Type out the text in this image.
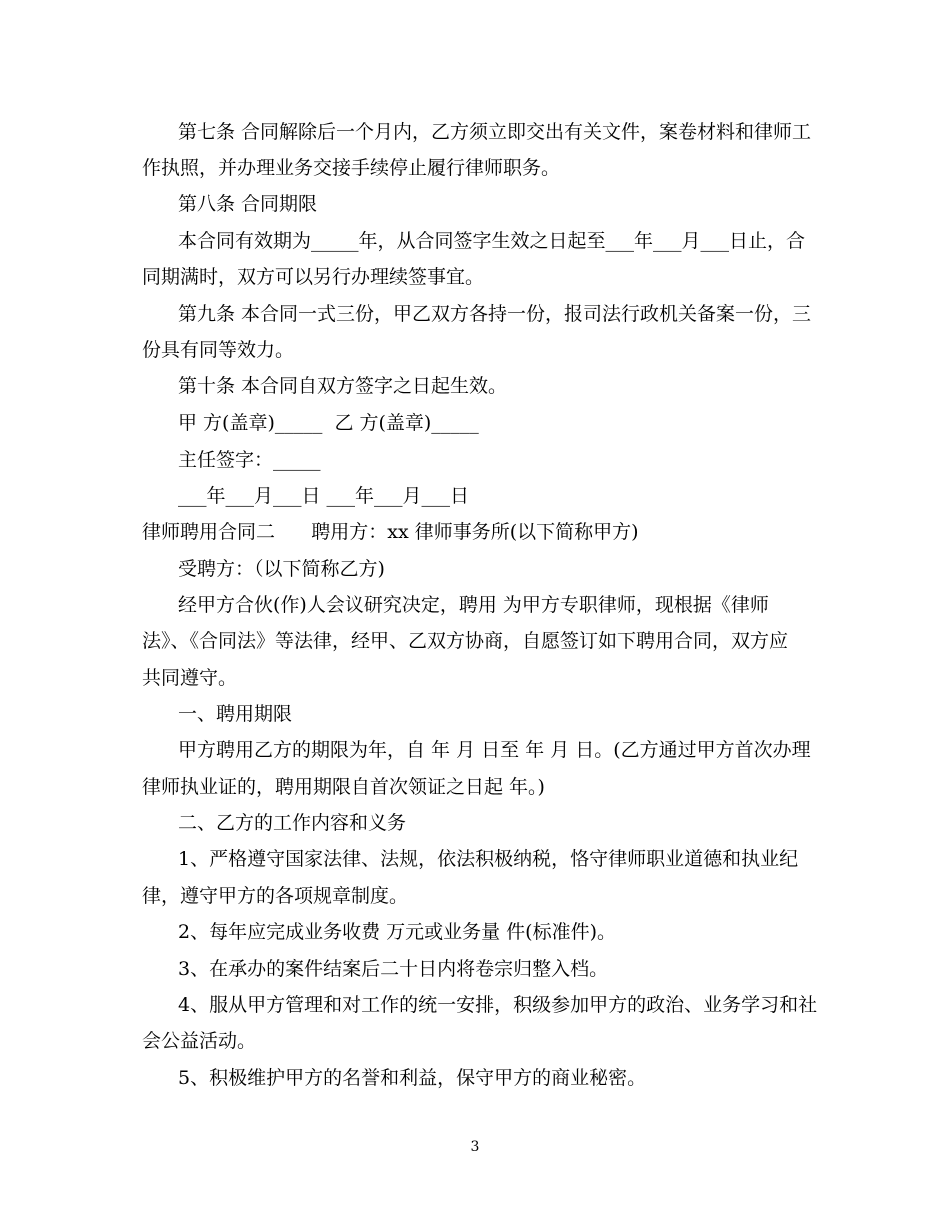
第七条 合同解除后一个月内，乙方须立即交出有关文件，案卷材料和律师工
作执照，并办理业务交接手续停止履行律师职务。
第八条 合同期限
本合同有效期为_____年，从合同签字生效之日起至___年___月___日止，合
同期满时，双方可以另行办理续签事宜。
第九条 本合同一式三份，甲乙双方各持一份，报司法行政机关备案一份，三
份具有同等效力。
第十条 本合同自双方签字之日起生效。
甲 方(盖章)_____  乙 方(盖章)_____
主任签字：_____
___年___月___日 ___年___月___日
律师聘用合同二      聘用方：xx 律师事务所(以下简称甲方)
受聘方：（以下简称乙方)
经甲方合伙(作)人会议研究决定，聘用 为甲方专职律师，现根据《律师
法》、《合同法》等法律，经甲、乙双方协商，自愿签订如下聘用合同，双方应
共同遵守。
一、聘用期限
甲方聘用乙方的期限为年，自 年 月 日至 年 月 日。(乙方通过甲方首次办理
律师执业证的，聘用期限自首次领证之日起 年。)
二、乙方的工作内容和义务
1、严格遵守国家法律、法规，依法积极纳税，恪守律师职业道德和执业纪
律，遵守甲方的各项规章制度。
2、每年应完成业务收费 万元或业务量 件(标准件)。
3、在承办的案件结案后二十日内将卷宗归整入档。
4、服从甲方管理和对工作的统一安排，积级参加甲方的政治、业务学习和社
会公益活动。
5、积极维护甲方的名誉和利益，保守甲方的商业秘密。
3
